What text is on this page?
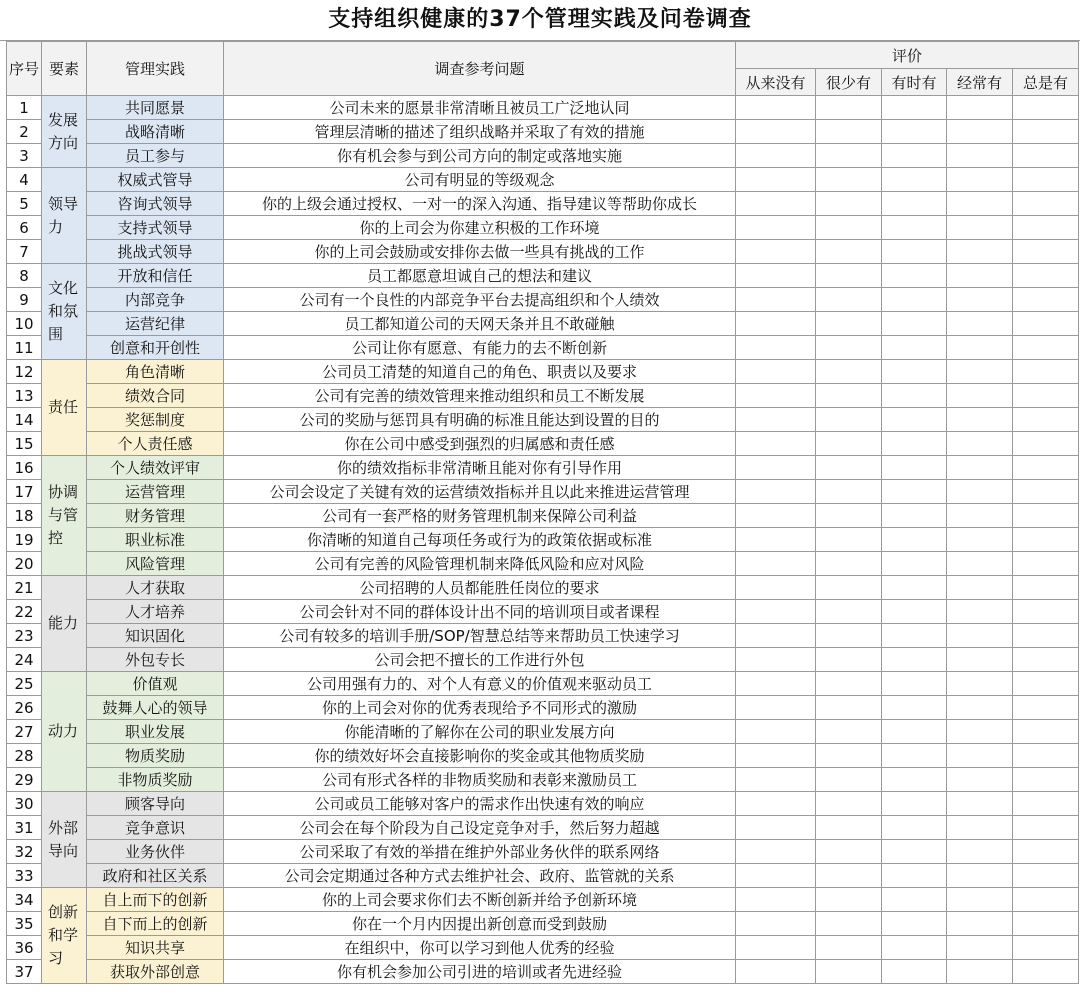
支持组织健康的37个管理实践及问卷调查
序号	要素	管理实践	调查参考问题	评价				
				从来没有	很少有	有时有	经常有	总是有
1	发展方向	共同愿景	公司未来的愿景非常清晰且被员工广泛地认同					
2		战略清晰	管理层清晰的描述了组织战略并采取了有效的措施					
3		员工参与	你有机会参与到公司方向的制定或落地实施					
4	领导力	权威式管导	公司有明显的等级观念					
5		咨询式领导	你的上级会通过授权、一对一的深入沟通、指导建议等帮助你成长					
6		支持式领导	你的上司会为你建立积极的工作环境					
7		挑战式领导	你的上司会鼓励或安排你去做一些具有挑战的工作					
8	文化和氛围	开放和信任	员工都愿意坦诚自己的想法和建议					
9		内部竞争	公司有一个良性的内部竞争平台去提高组织和个人绩效					
10		运营纪律	员工都知道公司的天网天条并且不敢碰触					
11		创意和开创性	公司让你有愿意、有能力的去不断创新					
12	责任	角色清晰	公司员工清楚的知道自己的角色、职责以及要求					
13		绩效合同	公司有完善的绩效管理来推动组织和员工不断发展					
14		奖惩制度	公司的奖励与惩罚具有明确的标准且能达到设置的目的					
15		个人责任感	你在公司中感受到强烈的归属感和责任感					
16	协调与管控	个人绩效评审	你的绩效指标非常清晰且能对你有引导作用					
17		运营管理	公司会设定了关键有效的运营绩效指标并且以此来推进运营管理					
18		财务管理	公司有一套严格的财务管理机制来保障公司利益					
19		职业标准	你清晰的知道自己每项任务或行为的政策依据或标准					
20		风险管理	公司有完善的风险管理机制来降低风险和应对风险					
21	能力	人才获取	公司招聘的人员都能胜任岗位的要求					
22		人才培养	公司会针对不同的群体设计出不同的培训项目或者课程					
23		知识固化	公司有较多的培训手册/SOP/智慧总结等来帮助员工快速学习					
24		外包专长	公司会把不擅长的工作进行外包					
25	动力	价值观	公司用强有力的、对个人有意义的价值观来驱动员工					
26		鼓舞人心的领导	你的上司会对你的优秀表现给予不同形式的激励					
27		职业发展	你能清晰的了解你在公司的职业发展方向					
28		物质奖励	你的绩效好坏会直接影响你的奖金或其他物质奖励					
29		非物质奖励	公司有形式各样的非物质奖励和表彰来激励员工					
30	外部导向	顾客导向	公司或员工能够对客户的需求作出快速有效的响应					
31		竞争意识	公司会在每个阶段为自己设定竞争对手，然后努力超越					
32		业务伙伴	公司采取了有效的举措在维护外部业务伙伴的联系网络					
33		政府和社区关系	公司会定期通过各种方式去维护社会、政府、监管就的关系					
34	创新和学习	自上而下的创新	你的上司会要求你们去不断创新并给予创新环境					
35		自下而上的创新	你在一个月内因提出新创意而受到鼓励					
36		知识共享	在组织中，你可以学习到他人优秀的经验					
37		获取外部创意	你有机会参加公司引进的培训或者先进经验					
